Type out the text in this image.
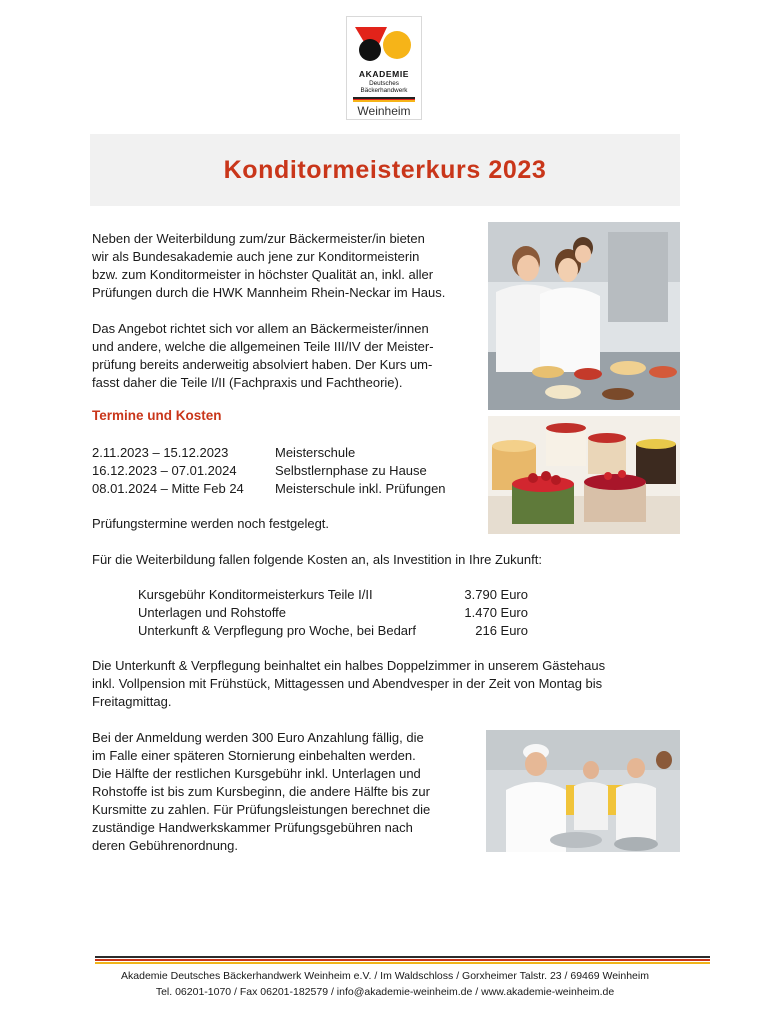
AKADEMIE
Deutsches
Bäckerhandwerk
Weinheim
Konditormeisterkurs 2023
Neben der Weiterbildung zum/zur Bäckermeister/in bieten
wir als Bundesakademie auch jene zur Konditormeisterin
bzw. zum Konditormeister in höchster Qualität an, inkl. aller
Prüfungen durch die HWK Mannheim Rhein-Neckar im Haus.
Das Angebot richtet sich vor allem an Bäckermeister/innen
und andere, welche die allgemeinen Teile III/IV der Meister-
prüfung bereits anderweitig absolviert haben. Der Kurs um-
fasst daher die Teile I/II (Fachpraxis und Fachtheorie).
Termine und Kosten
2.11.2023 – 15.12.2023	Meisterschule
16.12.2023 – 07.01.2024	Selbstlernphase zu Hause
08.01.2024 – Mitte Feb 24 Meisterschule inkl. Prüfungen
Prüfungstermine werden noch festgelegt.
Für die Weiterbildung fallen folgende Kosten an, als Investition in Ihre Zukunft:
Kursgebühr Konditormeisterkurs Teile I/II	3.790 Euro
Unterlagen und Rohstoffe	1.470 Euro
Unterkunft & Verpflegung pro Woche, bei Bedarf	216 Euro
Die Unterkunft & Verpflegung beinhaltet ein halbes Doppelzimmer in unserem Gästehaus
inkl. Vollpension mit Frühstück, Mittagessen und Abendvesper in der Zeit von Montag bis
Freitagmittag.
Bei der Anmeldung werden 300 Euro Anzahlung fällig, die
im Falle einer späteren Stornierung einbehalten werden.
Die Hälfte der restlichen Kursgebühr inkl. Unterlagen und
Rohstoffe ist bis zum Kursbeginn, die andere Hälfte bis zur
Kursmitte zu zahlen. Für Prüfungsleistungen berechnet die
zuständige Handwerkskammer Prüfungsgebühren nach
deren Gebührenordnung.
Akademie Deutsches Bäckerhandwerk Weinheim e.V. / Im Waldschloss / Gorxheimer Talstr. 23 / 69469 Weinheim
Tel. 06201-1070 / Fax 06201-182579 / info@akademie-weinheim.de / www.akademie-weinheim.de
